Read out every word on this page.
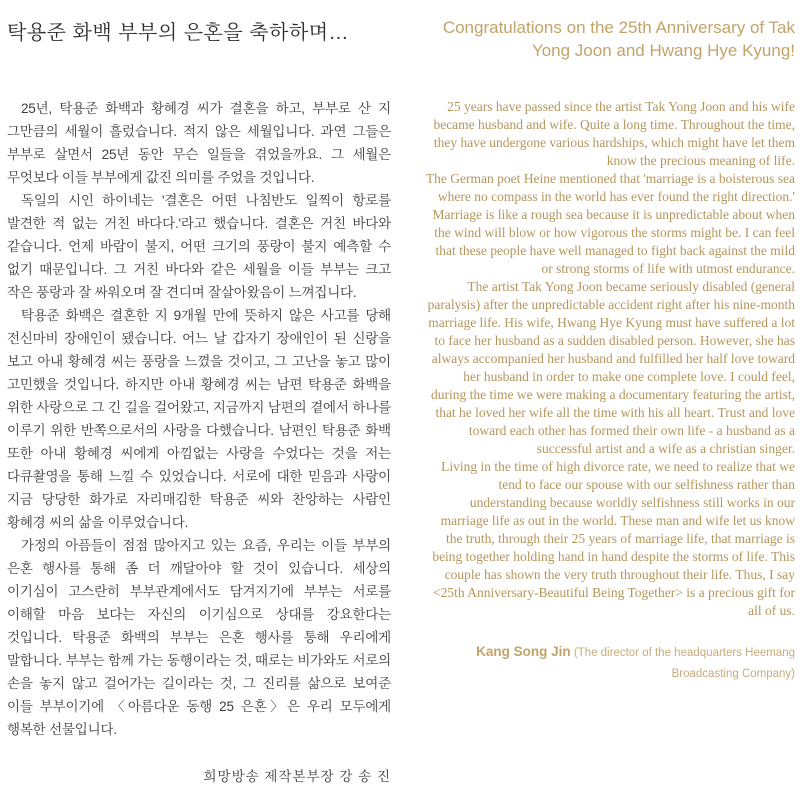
탁용준 화백 부부의 은혼을 축하하며…

25년, 탁용준 화백과 황혜경 씨가 결혼을 하고, 부부로 산 지 그만큼의 세월이 흘렀습니다. 적지 않은 세월입니다. 과연 그들은 부부로 살면서 25년 동안 무슨 일들을 겪었을까요. 그 세월은 무엇보다 이들 부부에게 값진 의미를 주었을 것입니다.

독일의 시인 하이네는 '결혼은 어떤 나침반도 일찍이 항로를 발견한 적 없는 거친 바다다.'라고 했습니다. 결혼은 거친 바다와 같습니다. 언제 바람이 불지, 어떤 크기의 풍랑이 불지 예측할 수 없기 때문입니다. 그 거친 바다와 같은 세월을 이들 부부는 크고 작은 풍랑과 잘 싸워오며 잘 견디며 잘살아왔음이 느껴집니다.

탁용준 화백은 결혼한 지 9개월 만에 뜻하지 않은 사고를 당해 전신마비 장애인이 됐습니다. 어느 날 갑자기 장애인이 된 신랑을 보고 아내 황혜경 씨는 풍랑을 느꼈을 것이고, 그 고난을 놓고 많이 고민했을 것입니다. 하지만 아내 황혜경 씨는 남편 탁용준 화백을 위한 사랑으로 그 긴 길을 걸어왔고, 지금까지 남편의 곁에서 하나를 이루기 위한 반쪽으로서의 사랑을 다했습니다. 남편인 탁용준 화백 또한 아내 황혜경 씨에게 아낌없는 사랑을 수었다는 것을 저는 다큐촬영을 통해 느낄 수 있었습니다. 서로에 대한 믿음과 사랑이 지금 당당한 화가로 자리매김한 탁용준 씨와 찬앙하는 사람인 황혜경 씨의 삶을 이루었습니다.

가정의 아픔들이 점점 많아지고 있는 요즘, 우리는 이들 부부의 은혼 행사를 통해 좀 더 깨달아야 할 것이 있습니다. 세상의 이기심이 고스란히 부부관계에서도 담겨지기에 부부는 서로를 이해할 마음 보다는 자신의 이기심으로 상대를 강요한다는 것입니다. 탁용준 화백의 부부는 은혼 행사를 통해 우리에게 말합니다. 부부는 함께 가는 동행이라는 것, 때로는 비가와도 서로의 손을 놓지 않고 걸어가는 길이라는 것, 그 진리를 삶으로 보여준 이들 부부이기에 〈아름다운 동행 25 은혼〉은 우리 모두에게 행복한 선물입니다.

희망방송 제작본부장 강 송 진
Congratulations on the 25th Anniversary of Tak Yong Joon and Hwang Hye Kyung!

25 years have passed since the artist Tak Yong Joon and his wife became husband and wife. Quite a long time. Throughout the time, they have undergone various hardships, which might have let them know the precious meaning of life.

The German poet Heine mentioned that 'marriage is a boisterous sea where no compass in the world has ever found the right direction.' Marriage is like a rough sea because it is unpredictable about when the wind will blow or how vigorous the storms might be. I can feel that these people have well managed to fight back against the mild or strong storms of life with utmost endurance.

The artist Tak Yong Joon became seriously disabled (general paralysis) after the unpredictable accident right after his nine-month marriage life. His wife, Hwang Hye Kyung must have suffered a lot to face her husband as a sudden disabled person. However, she has always accompanied her husband and fulfilled her half love toward her husband in order to make one complete love. I could feel, during the time we were making a documentary featuring the artist, that he loved her wife all the time with his all heart. Trust and love toward each other has formed their own life - a husband as a successful artist and a wife as a christian singer.

Living in the time of high divorce rate, we need to realize that we tend to face our spouse with our selfishness rather than understanding because worldly selfishness still works in our marriage life as out in the world. These man and wife let us know the truth, through their 25 years of marriage life, that marriage is being together holding hand in hand despite the storms of life. This couple has shown the very truth throughout their life. Thus, I say <25th Anniversary-Beautiful Being Together> is a precious gift for all of us.

Kang Song Jin (The director of the headquarters Heemang Broadcasting Company)
